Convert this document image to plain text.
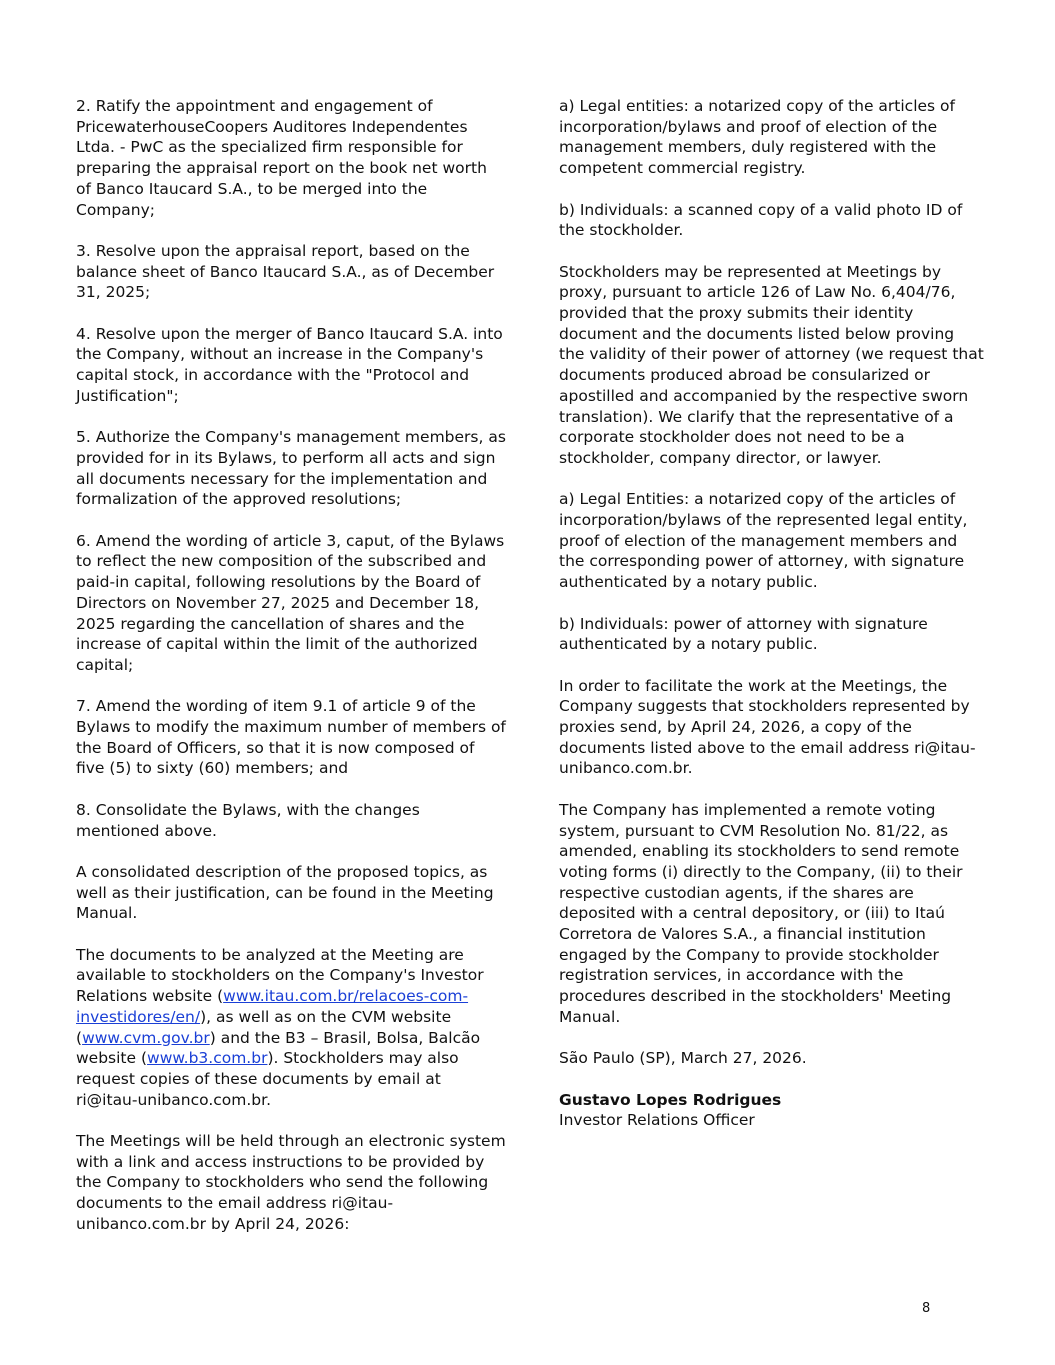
2. Ratify the appointment and engagement of PricewaterhouseCoopers Auditores Independentes Ltda. - PwC as the specialized firm responsible for preparing the appraisal report on the book net worth of Banco Itaucard S.A., to be merged into the Company;

3. Resolve upon the appraisal report, based on the balance sheet of Banco Itaucard S.A., as of December 31, 2025;

4. Resolve upon the merger of Banco Itaucard S.A. into the Company, without an increase in the Company's capital stock, in accordance with the "Protocol and Justification";

5. Authorize the Company's management members, as provided for in its Bylaws, to perform all acts and sign all documents necessary for the implementation and formalization of the approved resolutions;

6. Amend the wording of article 3, caput, of the Bylaws to reflect the new composition of the subscribed and paid-in capital, following resolutions by the Board of Directors on November 27, 2025 and December 18, 2025 regarding the cancellation of shares and the increase of capital within the limit of the authorized capital;

7. Amend the wording of item 9.1 of article 9 of the Bylaws to modify the maximum number of members of the Board of Officers, so that it is now composed of five (5) to sixty (60) members; and

8. Consolidate the Bylaws, with the changes mentioned above.

A consolidated description of the proposed topics, as well as their justification, can be found in the Meeting Manual.

The documents to be analyzed at the Meeting are available to stockholders on the Company's Investor Relations website (www.itau.com.br/relacoes-com-investidores/en/), as well as on the CVM website (www.cvm.gov.br) and the B3 – Brasil, Bolsa, Balcão website (www.b3.com.br). Stockholders may also request copies of these documents by email at ri@itau-unibanco.com.br.

The Meetings will be held through an electronic system with a link and access instructions to be provided by the Company to stockholders who send the following documents to the email address ri@itau-unibanco.com.br by April 24, 2026:

a) Legal entities: a notarized copy of the articles of incorporation/bylaws and proof of election of the management members, duly registered with the competent commercial registry.

b) Individuals: a scanned copy of a valid photo ID of the stockholder.

Stockholders may be represented at Meetings by proxy, pursuant to article 126 of Law No. 6,404/76, provided that the proxy submits their identity document and the documents listed below proving the validity of their power of attorney (we request that documents produced abroad be consularized or apostilled and accompanied by the respective sworn translation). We clarify that the representative of a corporate stockholder does not need to be a stockholder, company director, or lawyer.

a) Legal Entities: a notarized copy of the articles of incorporation/bylaws of the represented legal entity, proof of election of the management members and the corresponding power of attorney, with signature authenticated by a notary public.

b) Individuals: power of attorney with signature authenticated by a notary public.

In order to facilitate the work at the Meetings, the Company suggests that stockholders represented by proxies send, by April 24, 2026, a copy of the documents listed above to the email address ri@itau-unibanco.com.br.

The Company has implemented a remote voting system, pursuant to CVM Resolution No. 81/22, as amended, enabling its stockholders to send remote voting forms (i) directly to the Company, (ii) to their respective custodian agents, if the shares are deposited with a central depository, or (iii) to Itaú Corretora de Valores S.A., a financial institution engaged by the Company to provide stockholder registration services, in accordance with the procedures described in the stockholders' Meeting Manual.

São Paulo (SP), March 27, 2026.

Gustavo Lopes Rodrigues
Investor Relations Officer

8
